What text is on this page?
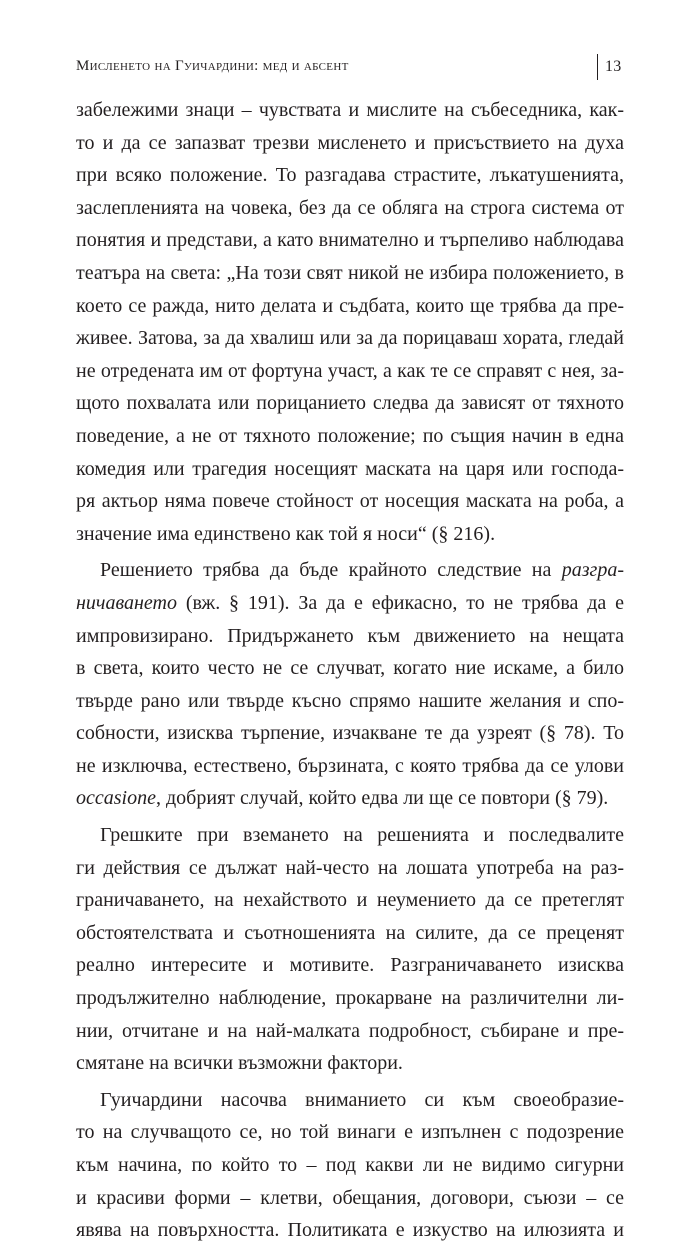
Мисленето на Гуичардини: мед и абсент	13
забележими знаци – чувствата и мислите на събеседника, как-
то и да се запазват трезви мисленето и присъствието на духа
при всяко положение. То разгадава страстите, лъкатушенията,
заслепленията на човека, без да се обляга на строга система от
понятия и представи, а като внимателно и търпеливо наблюдава
театъра на света: „На този свят никой не избира положението, в
което се ражда, нито делата и съдбата, които ще трябва да пре-
живее. Затова, за да хвалиш или за да порицаваш хората, гледай
не отредената им от фортуна участ, а как те се справят с нея, за-
щото похвалата или порицанието следва да зависят от тяхното
поведение, а не от тяхното положение; по същия начин в една
комедия или трагедия носещият маската на царя или господа-
ря актьор няма повече стойност от носещия маската на роба, а
значение има единствено как той я носи“ (§ 216).
Решението трябва да бъде крайното следствие на разгра-
ничаването (вж. § 191). За да е ефикасно, то не трябва да е
импровизирано. Придържането към движението на нещата
в света, които често не се случват, когато ние искаме, а било
твърде рано или твърде късно спрямо нашите желания и спо-
собности, изисква търпение, изчакване те да узреят (§ 78). То
не изключва, естествено, бързината, с която трябва да се улови
occasione, добрият случай, който едва ли ще се повтори (§ 79).
Грешките при вземането на решенията и последвалите
ги действия се дължат най-често на лошата употреба на раз-
граничаването, на нехайството и неумението да се претеглят
обстоятелствата и съотношенията на силите, да се преценят
реално интересите и мотивите. Разграничаването изисква
продължително наблюдение, прокарване на различителни ли-
нии, отчитане и на най-малката подробност, събиране и пре-
смятане на всички възможни фактори.
Гуичардини насочва вниманието си към своеобразие-
то на случващото се, но той винаги е изпълнен с подозрение
към начина, по който то – под какви ли не видимо сигурни
и красиви форми – клетви, обещания, договори, съюзи – се
явява на повърхността. Политиката е изкуство на илюзията и
